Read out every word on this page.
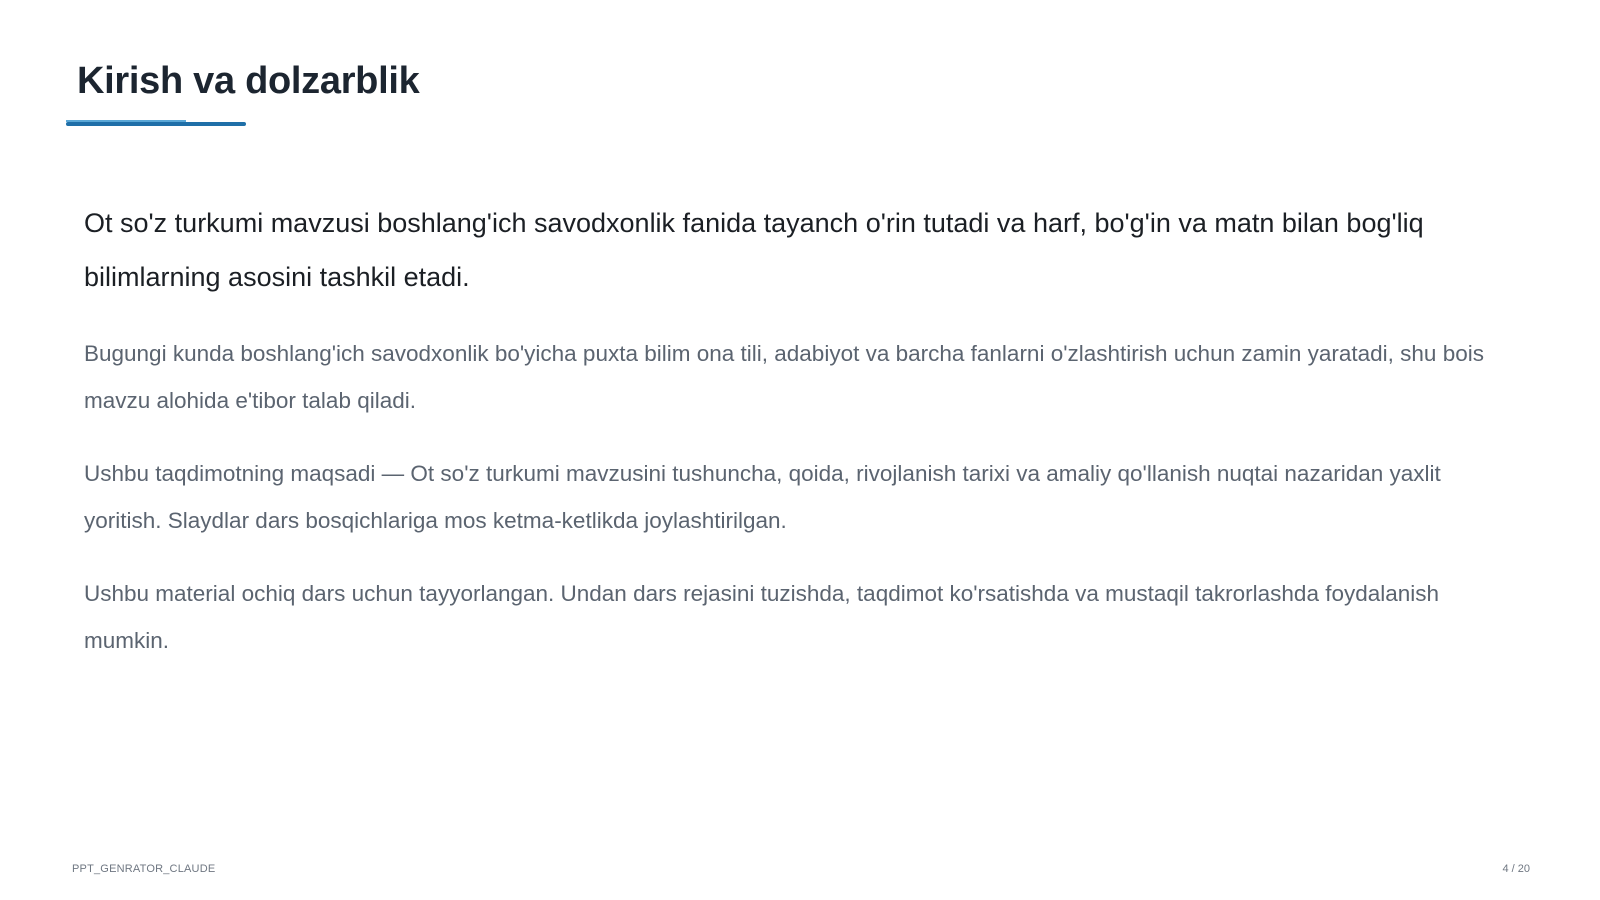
Kirish va dolzarblik

Ot so'z turkumi mavzusi boshlang'ich savodxonlik fanida tayanch o'rin tutadi va harf, bo'g'in va matn bilan bog'liq bilimlarning asosini tashkil etadi.

Bugungi kunda boshlang'ich savodxonlik bo'yicha puxta bilim ona tili, adabiyot va barcha fanlarni o'zlashtirish uchun zamin yaratadi, shu bois mavzu alohida e'tibor talab qiladi.

Ushbu taqdimotning maqsadi — Ot so'z turkumi mavzusini tushuncha, qoida, rivojlanish tarixi va amaliy qo'llanish nuqtai nazaridan yaxlit yoritish. Slaydlar dars bosqichlariga mos ketma-ketlikda joylashtirilgan.

Ushbu material ochiq dars uchun tayyorlangan. Undan dars rejasini tuzishda, taqdimot ko'rsatishda va mustaqil takrorlashda foydalanish mumkin.

PPT_GENRATOR_CLAUDE	4 / 20
